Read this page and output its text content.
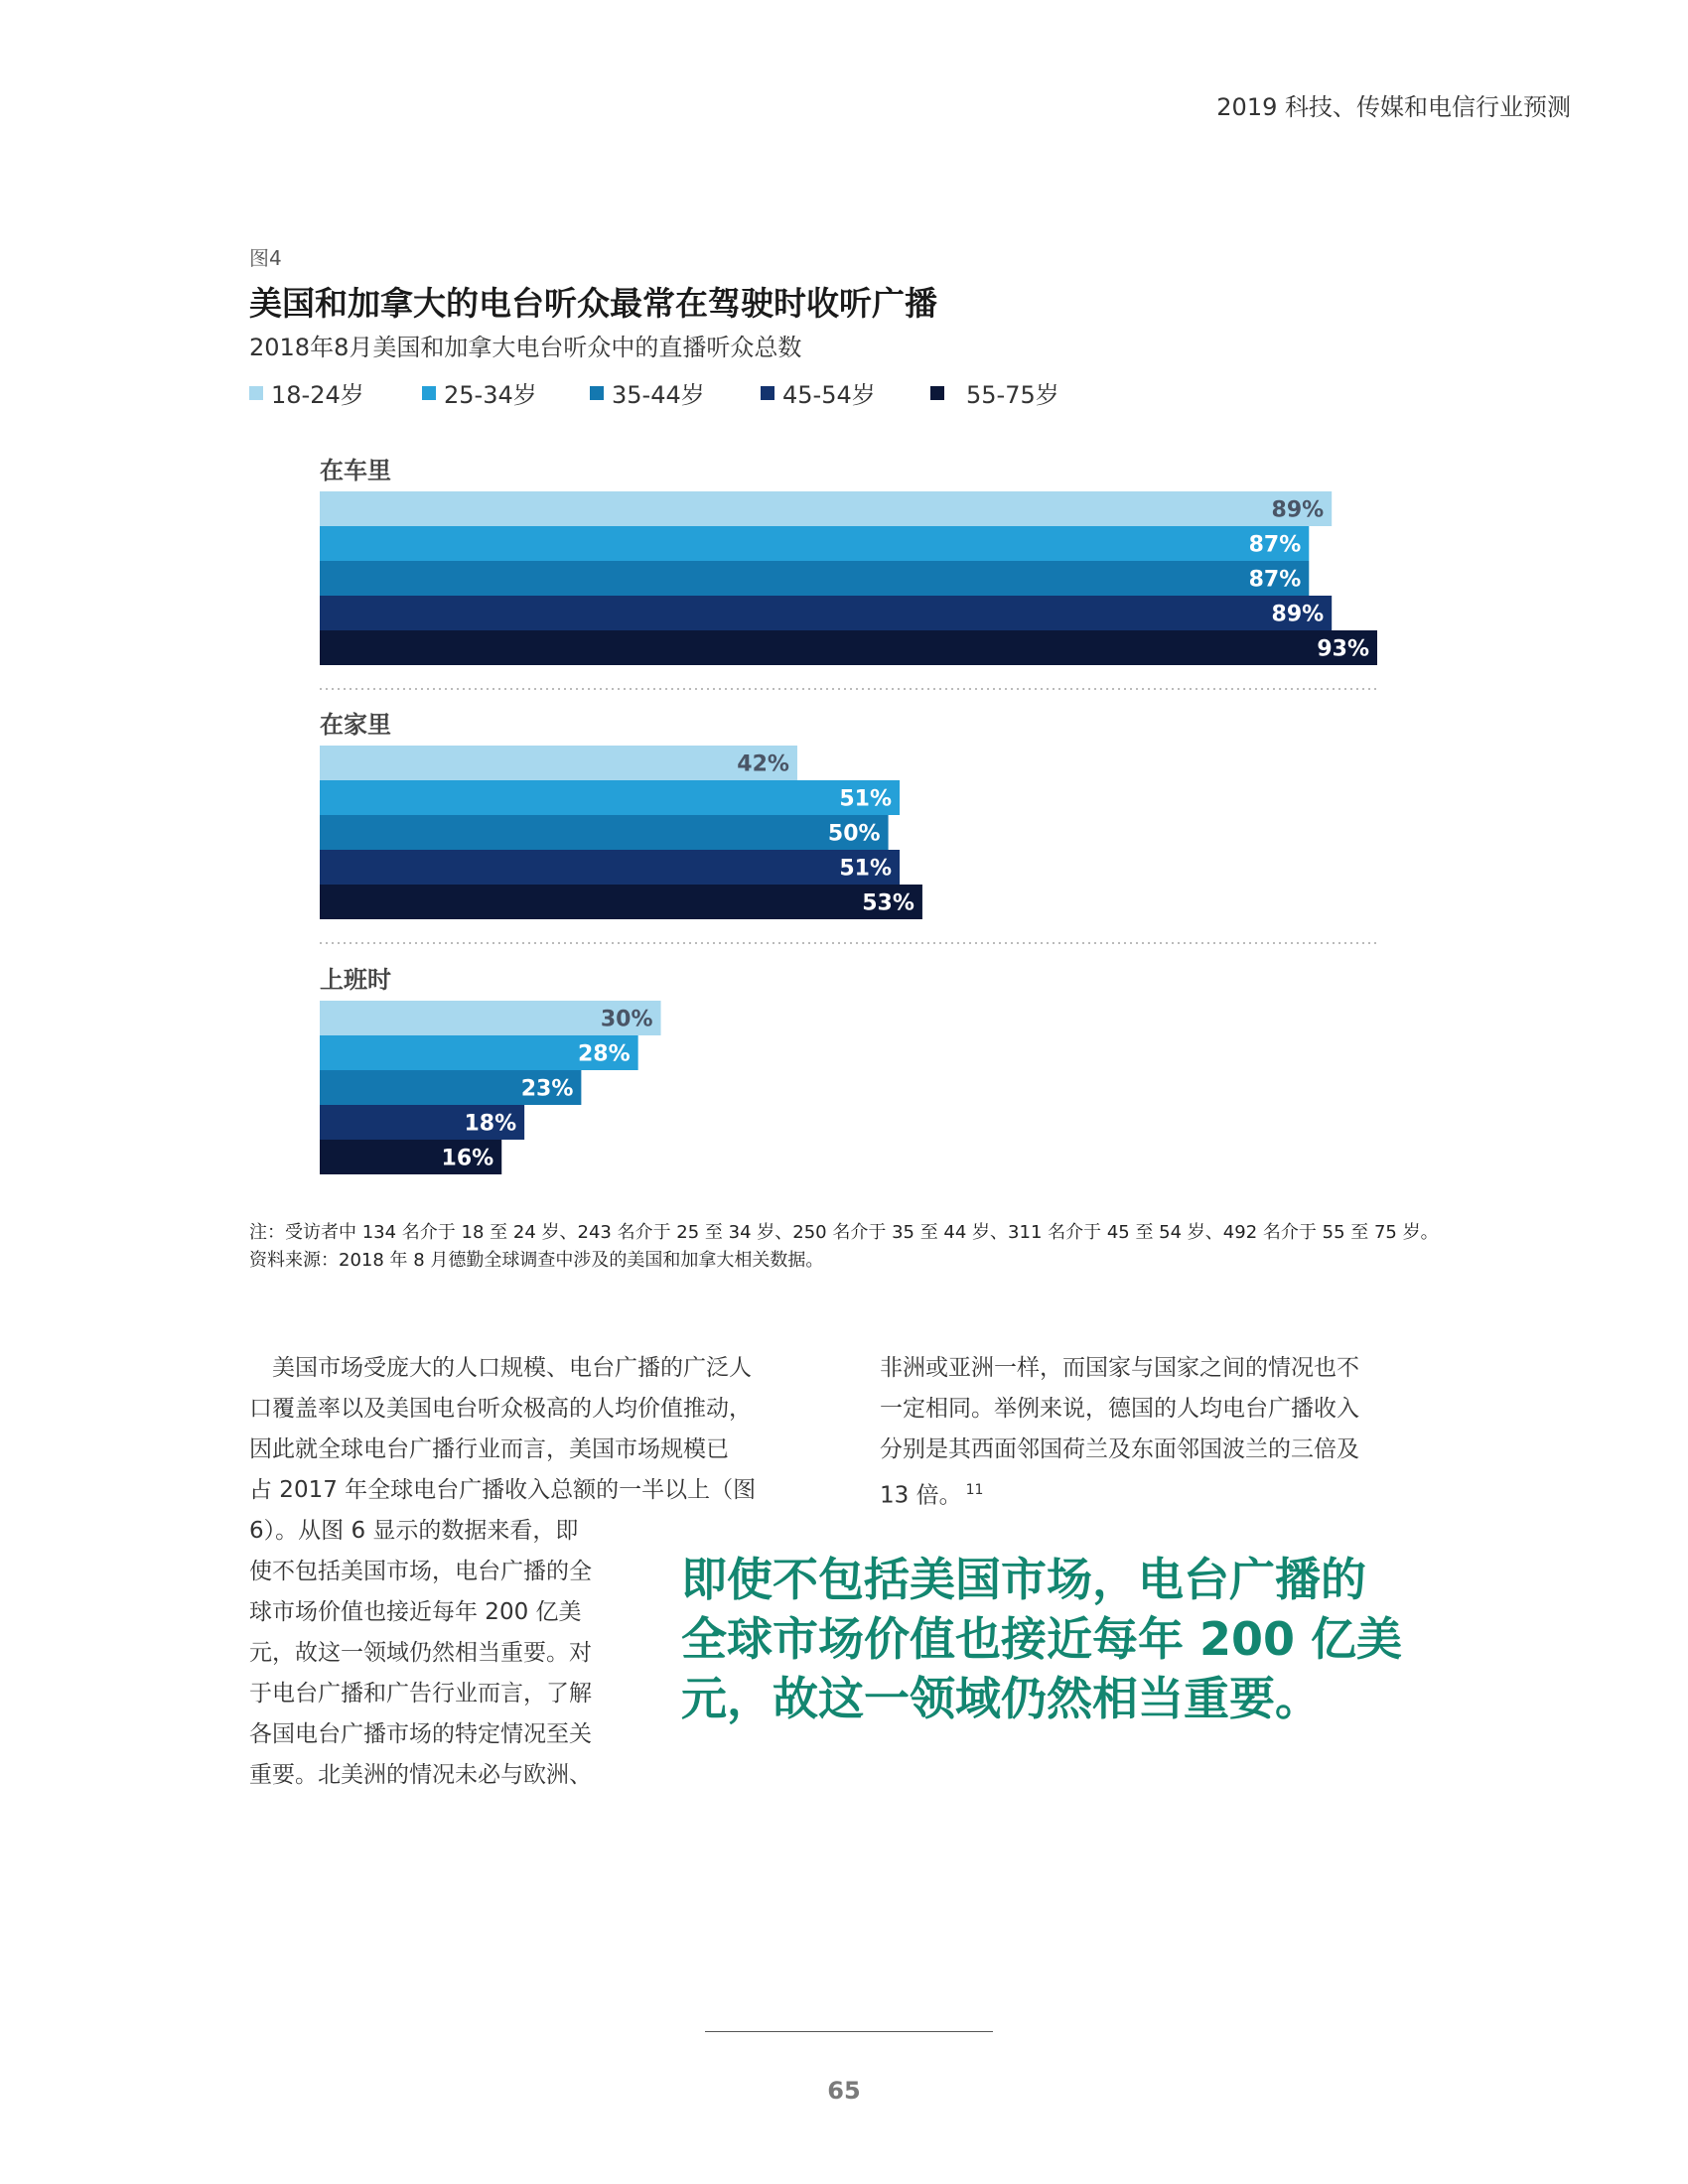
2019 科技、传媒和电信行业预测
图4
美国和加拿大的电台听众最常在驾驶时收听广播
2018年8月美国和加拿大电台听众中的直播听众总数
18-24岁	25-34岁	35-44岁	45-54岁	55-75岁
在车里
89%
87%
87%
89%
93%
在家里
42%
51%
50%
51%
53%
上班时
30%
28%
23%
18%
16%
注：受访者中 134 名介于 18 至 24 岁、243 名介于 25 至 34 岁、250 名介于 35 至 44 岁、311 名介于 45 至 54 岁、492 名介于 55 至 75 岁。
资料来源：2018 年 8 月德勤全球调查中涉及的美国和加拿大相关数据。
　美国市场受庞大的人口规模、电台广播的广泛人
口覆盖率以及美国电台听众极高的人均价值推动，
因此就全球电台广播行业而言，美国市场规模已
占 2017 年全球电台广播收入总额的一半以上（图
6）。从图 6 显示的数据来看，即
使不包括美国市场，电台广播的全
球市场价值也接近每年 200 亿美
元，故这一领域仍然相当重要。对
于电台广播和广告行业而言，了解
各国电台广播市场的特定情况至关
重要。北美洲的情况未必与欧洲、
非洲或亚洲一样，而国家与国家之间的情况也不
一定相同。举例来说，德国的人均电台广播收入
分别是其西面邻国荷兰及东面邻国波兰的三倍及
13 倍。 $^{11}$
即使不包括美国市场，电台广播的
全球市场价值也接近每年 200 亿美
元，故这一领域仍然相当重要。
65
